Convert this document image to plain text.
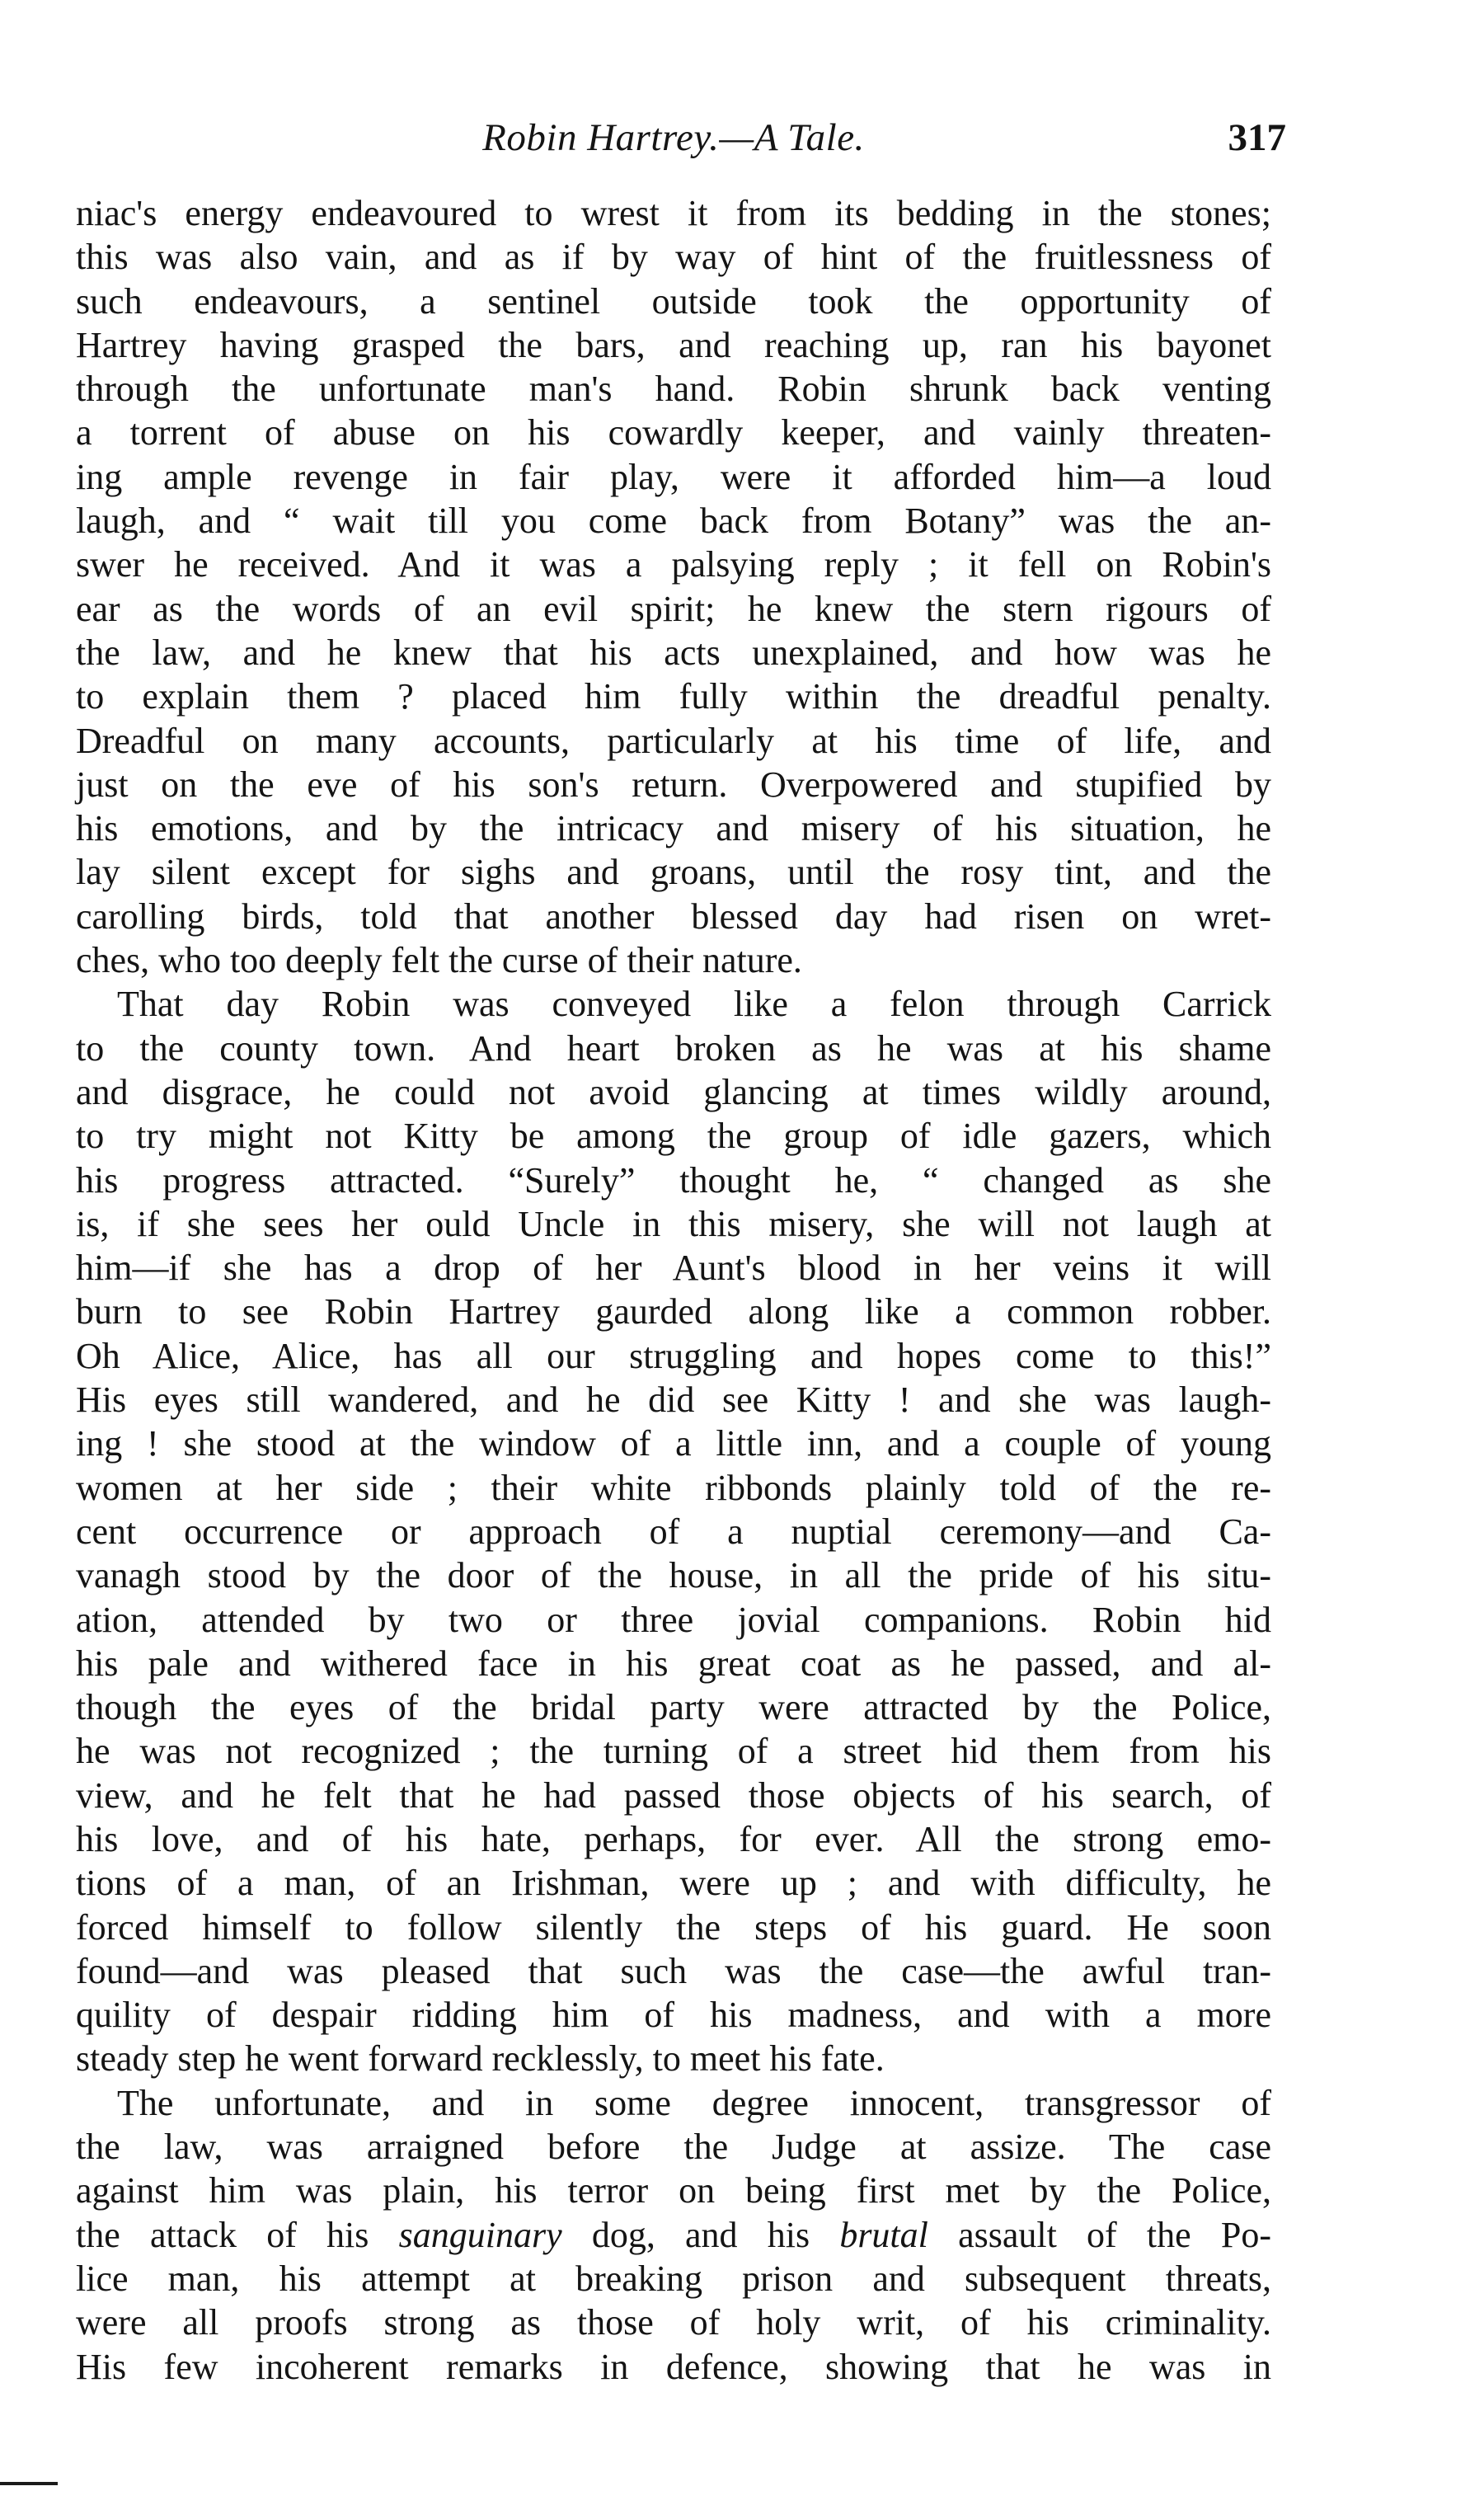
Robin Hartrey.—A Tale.	317
niac's energy endeavoured to wrest it from its bedding in the stones;
this was also vain, and as if by way of hint of the fruitlessness of
such endeavours, a sentinel outside took the opportunity of
Hartrey having grasped the bars, and reaching up, ran his bayonet
through the unfortunate man's hand. Robin shrunk back venting
a torrent of abuse on his cowardly keeper, and vainly threaten-
ing ample revenge in fair play, were it afforded him—a loud
laugh, and “ wait till you come back from Botany” was the an-
swer he received. And it was a palsying reply ; it fell on Robin's
ear as the words of an evil spirit; he knew the stern rigours of
the law, and he knew that his acts unexplained, and how was he
to explain them ? placed him fully within the dreadful penalty.
Dreadful on many accounts, particularly at his time of life, and
just on the eve of his son's return. Overpowered and stupified by
his emotions, and by the intricacy and misery of his situation, he
lay silent except for sighs and groans, until the rosy tint, and the
carolling birds, told that another blessed day had risen on wret-
ches, who too deeply felt the curse of their nature.
That day Robin was conveyed like a felon through Carrick
to the county town. And heart broken as he was at his shame
and disgrace, he could not avoid glancing at times wildly around,
to try might not Kitty be among the group of idle gazers, which
his progress attracted. “Surely” thought he, “ changed as she
is, if she sees her ould Uncle in this misery, she will not laugh at
him—if she has a drop of her Aunt's blood in her veins it will
burn to see Robin Hartrey gaurded along like a common robber.
Oh Alice, Alice, has all our struggling and hopes come to this!”
His eyes still wandered, and he did see Kitty ! and she was laugh-
ing ! she stood at the window of a little inn, and a couple of young
women at her side ; their white ribbonds plainly told of the re-
cent occurrence or approach of a nuptial ceremony—and Ca-
vanagh stood by the door of the house, in all the pride of his situ-
ation, attended by two or three jovial companions. Robin hid
his pale and withered face in his great coat as he passed, and al-
though the eyes of the bridal party were attracted by the Police,
he was not recognized ; the turning of a street hid them from his
view, and he felt that he had passed those objects of his search, of
his love, and of his hate, perhaps, for ever. All the strong emo-
tions of a man, of an Irishman, were up ; and with difficulty, he
forced himself to follow silently the steps of his guard. He soon
found—and was pleased that such was the case—the awful tran-
quility of despair ridding him of his madness, and with a more
steady step he went forward recklessly, to meet his fate.
The unfortunate, and in some degree innocent, transgressor of
the law, was arraigned before the Judge at assize. The case
against him was plain, his terror on being first met by the Police,
the attack of his sanguinary dog, and his brutal assault of the Po-
lice man, his attempt at breaking prison and subsequent threats,
were all proofs strong as those of holy writ, of his criminality.
His few incoherent remarks in defence, showing that he was in
